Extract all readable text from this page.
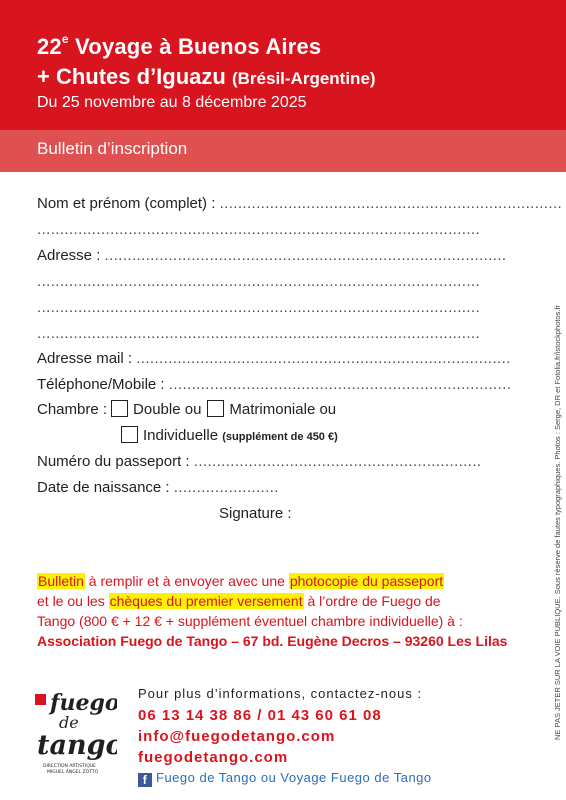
22e Voyage à Buenos Aires
+ Chutes d’Iguazu (Brésil-Argentine)
Du 25 novembre au 8 décembre 2025
Bulletin d’inscription
Nom et prénom (complet) : ...........................................................................
.................................................................................................
Adresse : ........................................................................................
.................................................................................................
.................................................................................................
.................................................................................................
Adresse mail : ..................................................................................
Téléphone/Mobile : ...........................................................................
Chambre : Double ou Matrimoniale ou
Individuelle (supplément de 450 €)
Numéro du passeport : ...............................................................
Date de naissance : .......................
Signature :
Bulletin à remplir et à envoyer avec une photocopie du passeport
et le ou les chèques du premier versement à l’ordre de Fuego de
Tango (800 € + 12 € + supplément éventuel chambre individuelle) à :
Association Fuego de Tango – 67 bd. Eugène Decros – 93260 Les Lilas
fuego
de
tango
DIRECTION ARTISTIQUE
MIGUEL ÁNGEL ZOTTO
Pour plus d’informations, contactez-nous :
06 13 14 38 86 / 01 43 60 61 08
info@fuegodetango.com
fuegodetango.com
f Fuego de Tango ou Voyage Fuego de Tango
NE PAS JETER SUR LA VOIE PUBLIQUE. Sous réserve de fautes typographiques. Photos : Serge, DR et Fotolia.fr/istockphotos.fr
